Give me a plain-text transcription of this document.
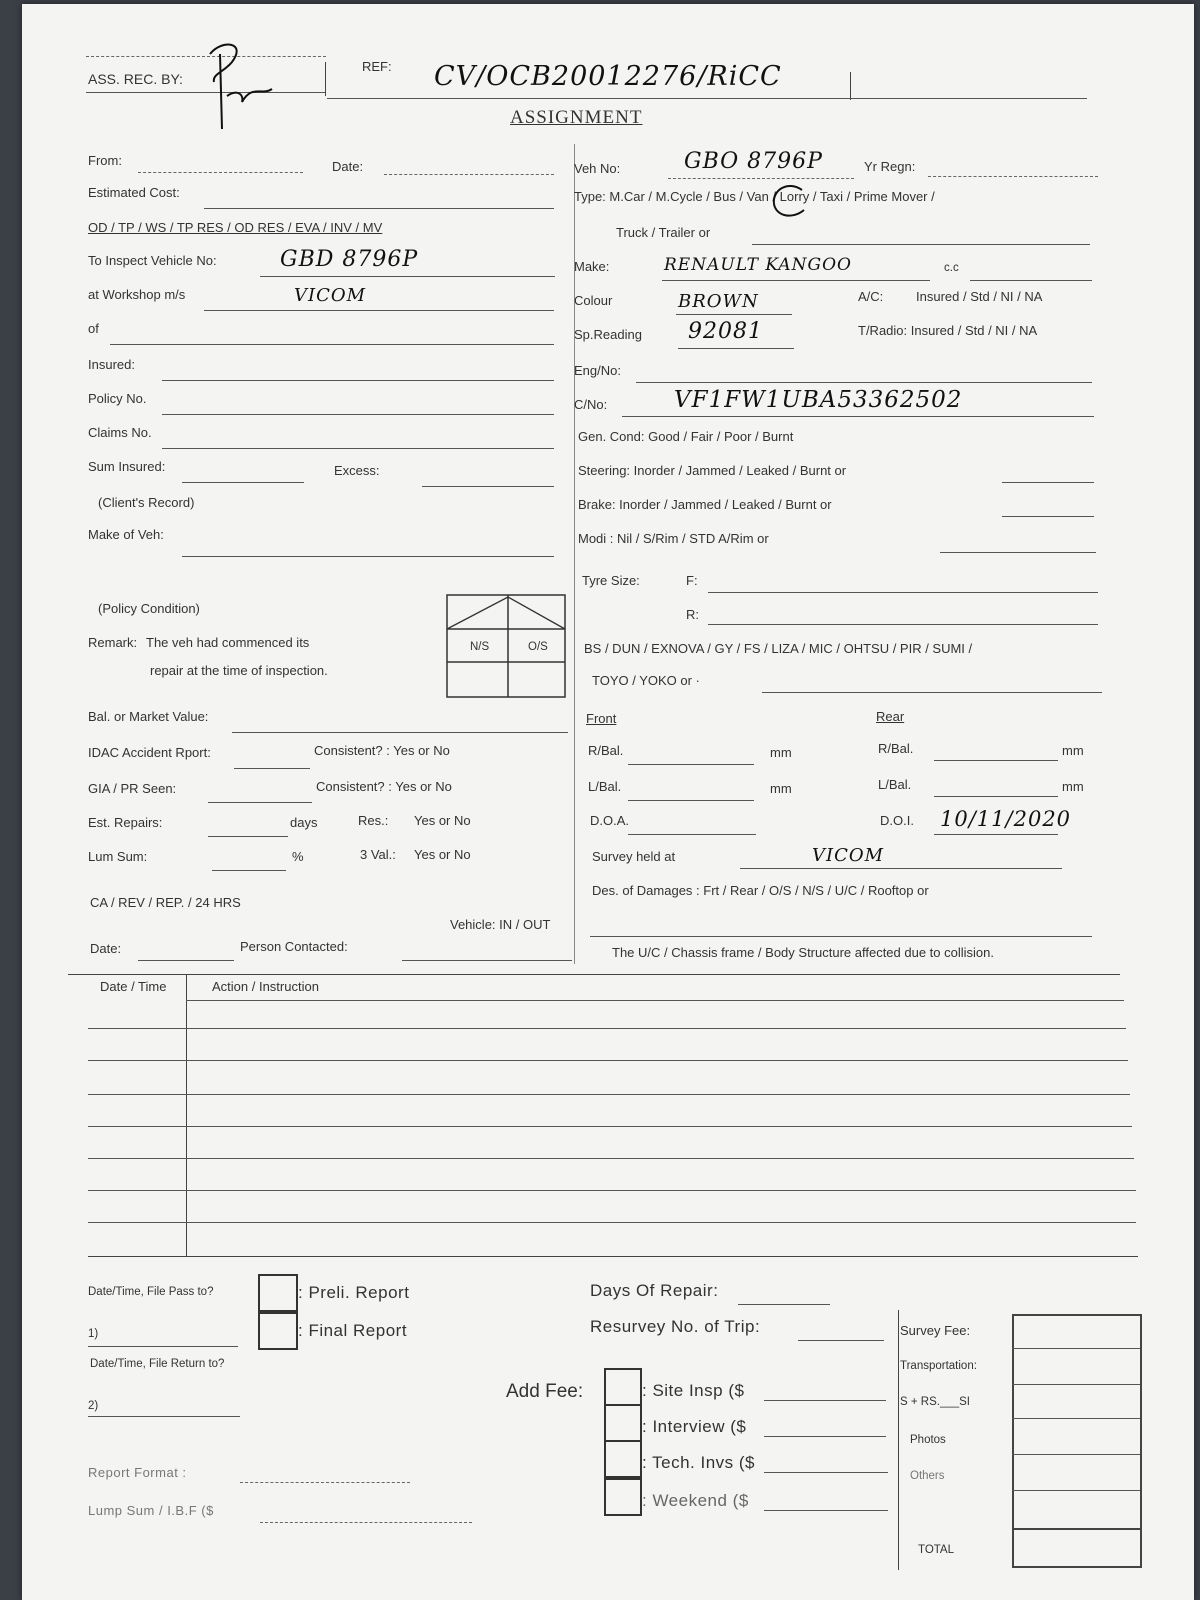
ASS. REC. BY:
REF: CV/OCB20012276/RiCC
ASSIGNMENT
From:	Date:
Estimated Cost:
OD / TP / WS / TP RES / OD RES / EVA / INV / MV
To Inspect Vehicle No:	GBD 8796P
at Workshop m/s	VICOM
of
Insured:
Policy No.
Claims No.
Sum Insured:	Excess:
(Client's Record)
Make of Veh:
(Policy Condition)
Remark: The veh had commenced its
repair at the time of inspection.
N/S	O/S
Bal. or Market Value:
IDAC Accident Rport:	Consistent? : Yes or No
GIA / PR Seen:	Consistent? : Yes or No
Est. Repairs:	days	Res.: Yes or No
Lum Sum:	%	3 Val.: Yes or No
CA / REV / REP. / 24 HRS
Vehicle: IN / OUT
Date:	Person Contacted:
Veh No:	GBO 8796P	Yr Regn:
Type: M.Car / M.Cycle / Bus / Van / Lorry / Taxi / Prime Mover /
Truck / Trailer or
Make:	RENAULT KANGOO	c.c
Colour	BROWN	A/C:	Insured / Std / NI / NA
Sp.Reading 92081	T/Radio: Insured / Std / NI / NA
Eng/No:
C/No:	VF1FW1UBA53362502
Gen. Cond: Good / Fair / Poor / Burnt
Steering: Inorder / Jammed / Leaked / Burnt or
Brake: Inorder / Jammed / Leaked / Burnt or
Modi : Nil / S/Rim / STD A/Rim or
Tyre Size:	F:
R:
BS / DUN / EXNOVA / GY / FS / LIZA / MIC / OHTSU / PIR / SUMI /
TOYO / YOKO or ·
Front	Rear
R/Bal.	mm	R/Bal.	mm
L/Bal.	mm	L/Bal.	mm
D.O.A.	D.O.I. 10/11/2020
Survey held at	VICOM
Des. of Damages : Frt / Rear / O/S / N/S / U/C / Rooftop or
The U/C / Chassis frame / Body Structure affected due to collision.
Date / Time	Action / Instruction
Date/Time, File Pass to?	: Preli. Report
1)	: Final Report
Date/Time, File Return to?
2)
Report Format :
Lump Sum / I.B.F ($
Days Of Repair:
Resurvey No. of Trip:
Add Fee:	: Site Insp ($
: Interview ($
: Tech. Invs ($
: Weekend ($
Survey Fee:
Transportation:
S + RS.___SI
Photos
Others
TOTAL
